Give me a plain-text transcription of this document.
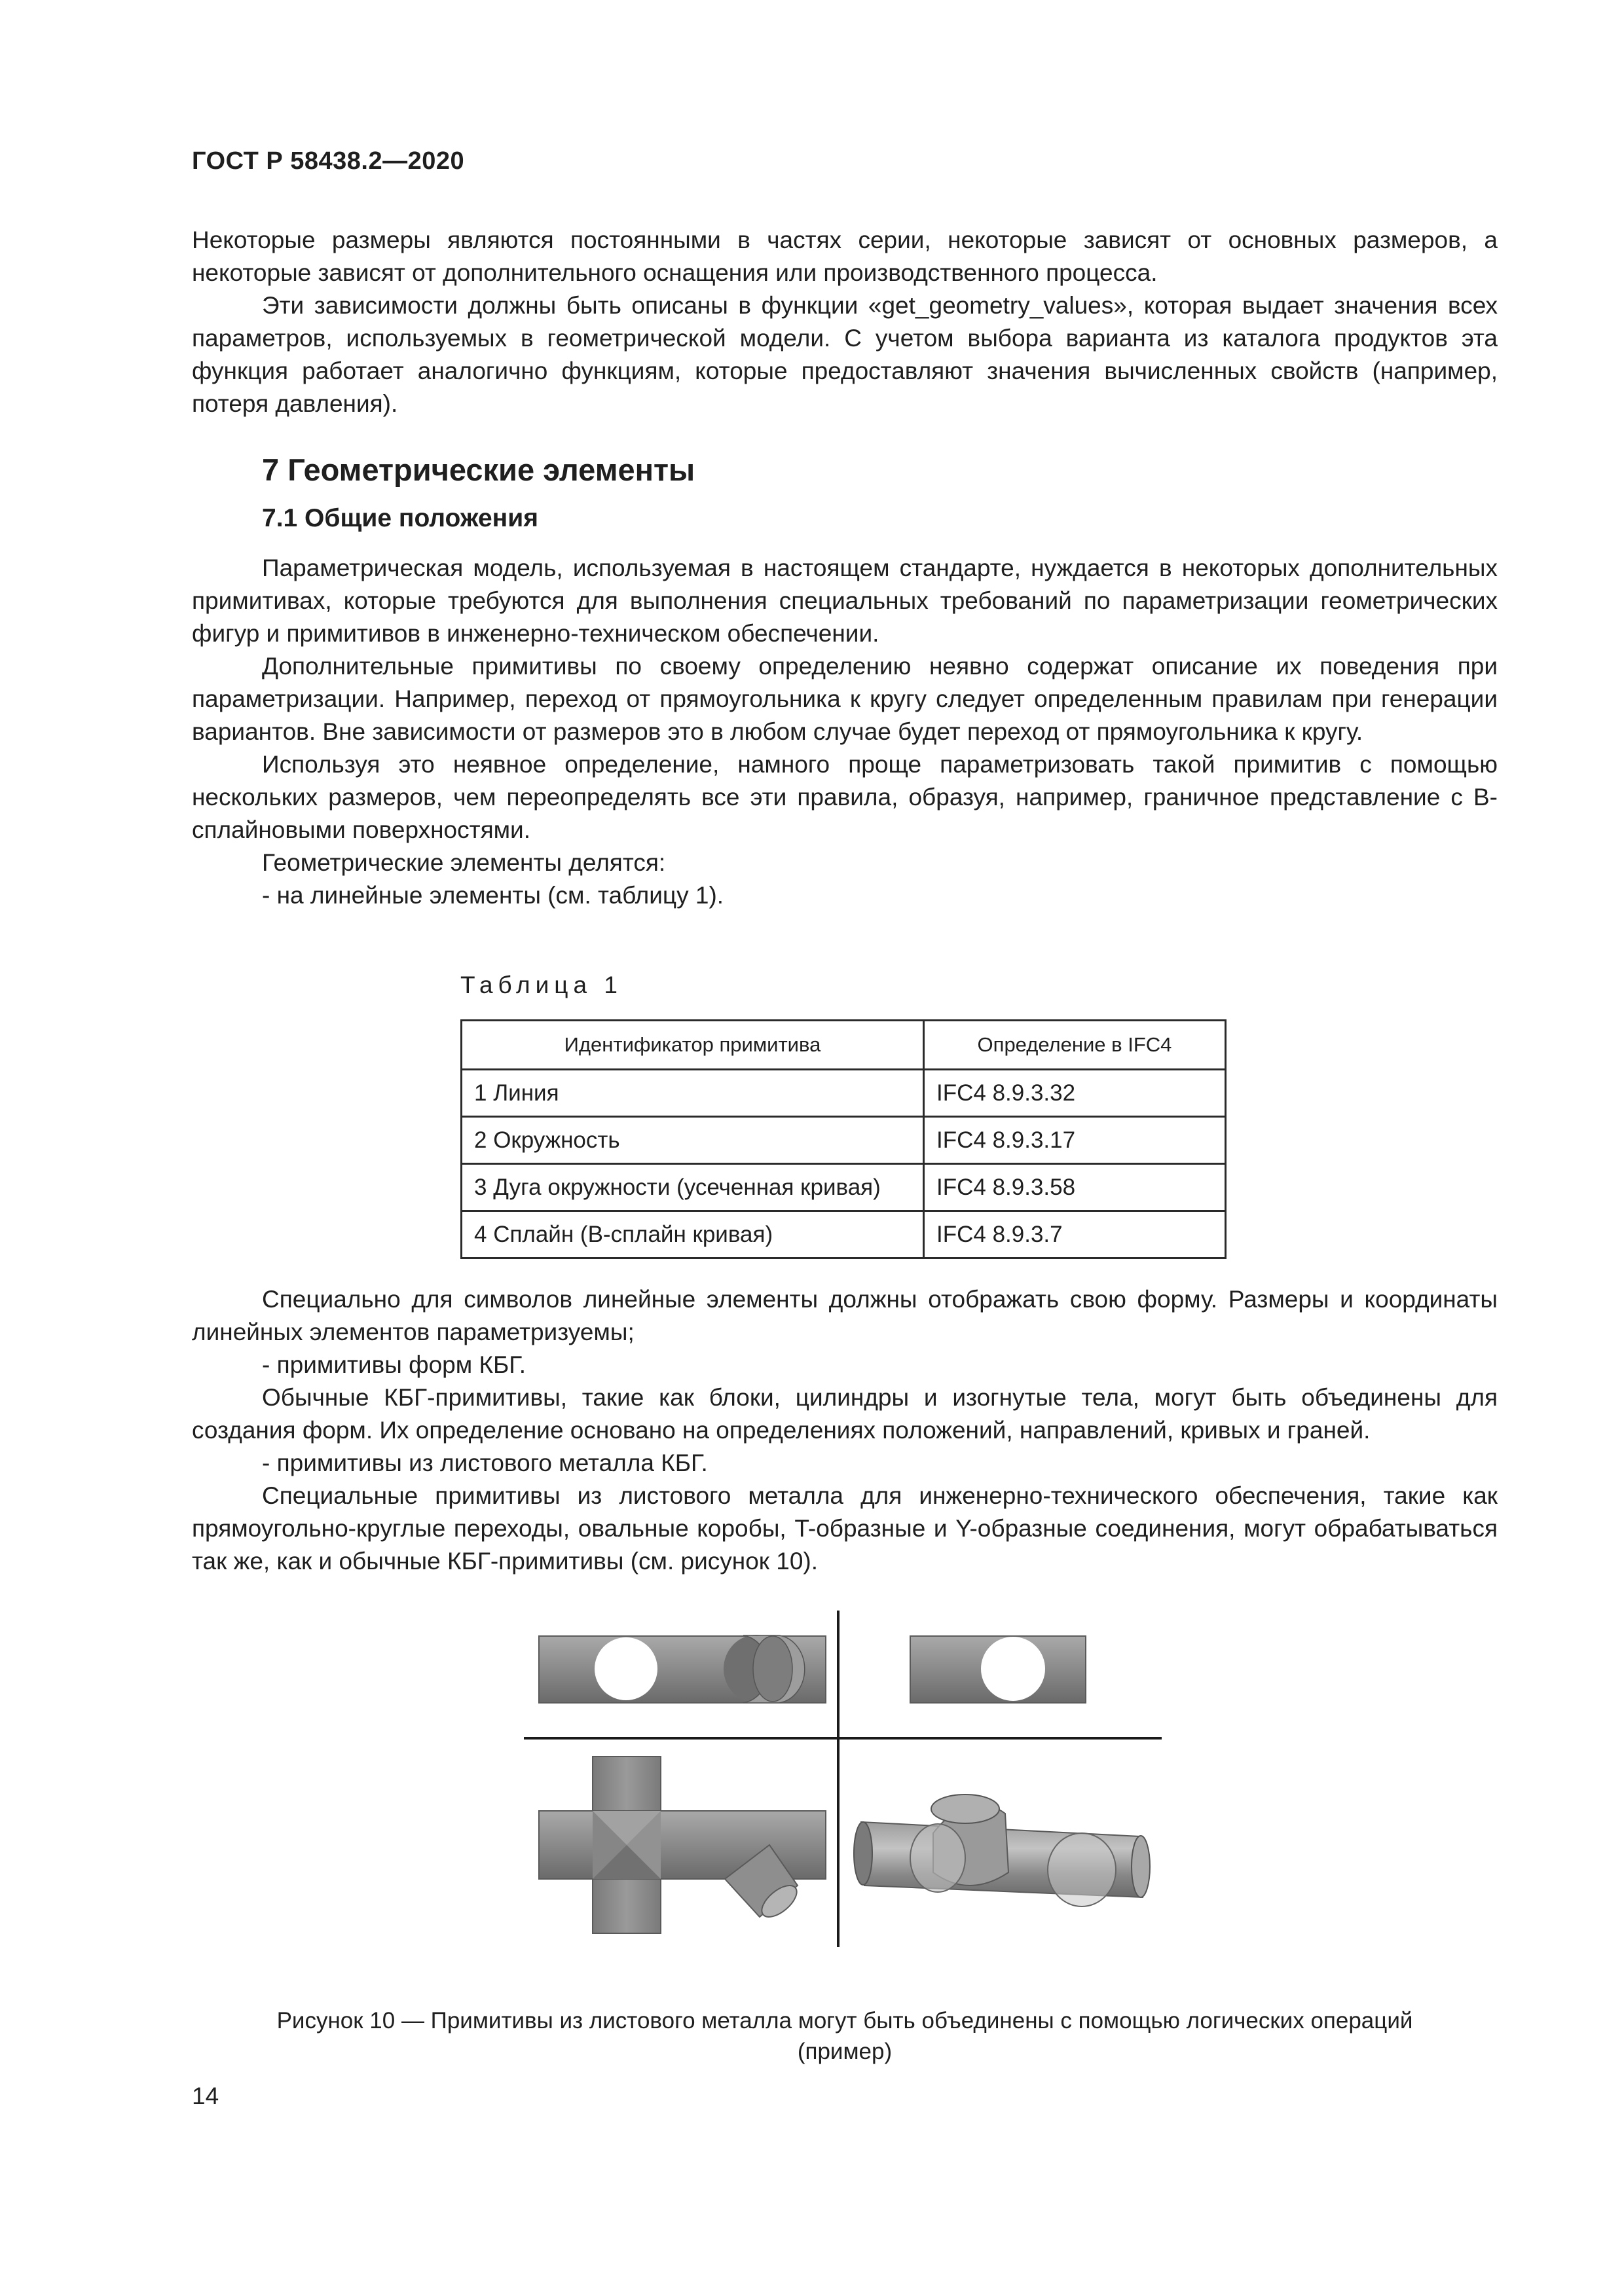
ГОСТ Р 58438.2—2020

Некоторые размеры являются постоянными в частях серии, некоторые зависят от основных размеров, а некоторые зависят от дополнительного оснащения или производственного процесса.

Эти зависимости должны быть описаны в функции «get_geometry_values», которая выдает значения всех параметров, используемых в геометрической модели. С учетом выбора варианта из каталога продуктов эта функция работает аналогично функциям, которые предоставляют значения вычисленных свойств (например, потеря давления).

7 Геометрические элементы
7.1 Общие положения

Параметрическая модель, используемая в настоящем стандарте, нуждается в некоторых дополнительных примитивах, которые требуются для выполнения специальных требований по параметризации геометрических фигур и примитивов в инженерно-техническом обеспечении.

Дополнительные примитивы по своему определению неявно содержат описание их поведения при параметризации. Например, переход от прямоугольника к кругу следует определенным правилам при генерации вариантов. Вне зависимости от размеров это в любом случае будет переход от прямоугольника к кругу.

Используя это неявное определение, намного проще параметризовать такой примитив с помощью нескольких размеров, чем переопределять все эти правила, образуя, например, граничное представление с B-сплайновыми поверхностями.

Геометрические элементы делятся:

- на линейные элементы (см. таблицу 1).

Таблица 1
Идентификатор примитива	Определение в IFC4
1 Линия	IFC4 8.9.3.32
2 Окружность	IFC4 8.9.3.17
3 Дуга окружности (усеченная кривая)	IFC4 8.9.3.58
4 Сплайн (B-сплайн кривая)	IFC4 8.9.3.7

Специально для символов линейные элементы должны отображать свою форму. Размеры и координаты линейных элементов параметризуемы;

- примитивы форм КБГ.

Обычные КБГ-примитивы, такие как блоки, цилиндры и изогнутые тела, могут быть объединены для создания форм. Их определение основано на определениях положений, направлений, кривых и граней.

- примитивы из листового металла КБГ.

Специальные примитивы из листового металла для инженерно-технического обеспечения, такие как прямоугольно-круглые переходы, овальные коробы, T-образные и Y-образные соединения, могут обрабатываться так же, как и обычные КБГ-примитивы (см. рисунок 10).

Рисунок 10 — Примитивы из листового металла могут быть объединены с помощью логических операций
(пример)
14
